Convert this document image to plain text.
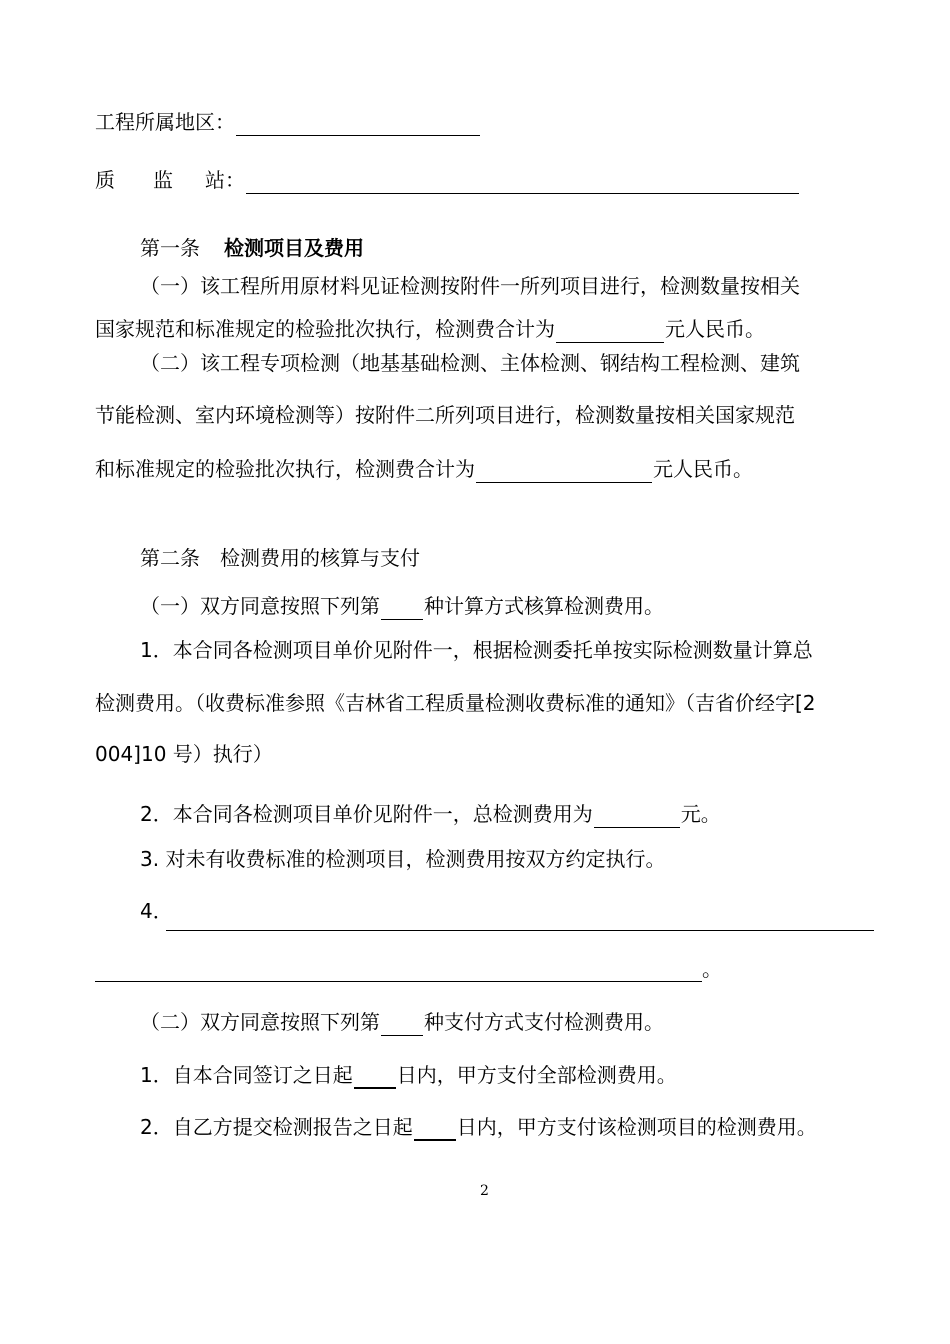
工程所属地区：
质 监 站：
第一条 检测项目及费用
（一）该工程所用原材料见证检测按附件一所列项目进行，检测数量按相关
国家规范和标准规定的检验批次执行，检测费合计为	元人民币。
（二）该工程专项检测（地基基础检测、主体检测、钢结构工程检测、建筑
节能检测、室内环境检测等）按附件二所列项目进行，检测数量按相关国家规范
和标准规定的检验批次执行，检测费合计为	元人民币。
第二条　检测费用的核算与支付
（一）双方同意按照下列第 种计算方式核算检测费用。
1．本合同各检测项目单价见附件一，根据检测委托单按实际检测数量计算总
检测费用。（收费标准参照《吉林省工程质量检测收费标准的通知》（吉省价经字[2
004]10 号）执行）
2．本合同各检测项目单价见附件一，总检测费用为	元。
3. 对未有收费标准的检测项目，检测费用按双方约定执行。
4．
。
（二）双方同意按照下列第 种支付方式支付检测费用。
1．自本合同签订之日起 日内，甲方支付全部检测费用。
2．自乙方提交检测报告之日起 日内，甲方支付该检测项目的检测费用。
2
